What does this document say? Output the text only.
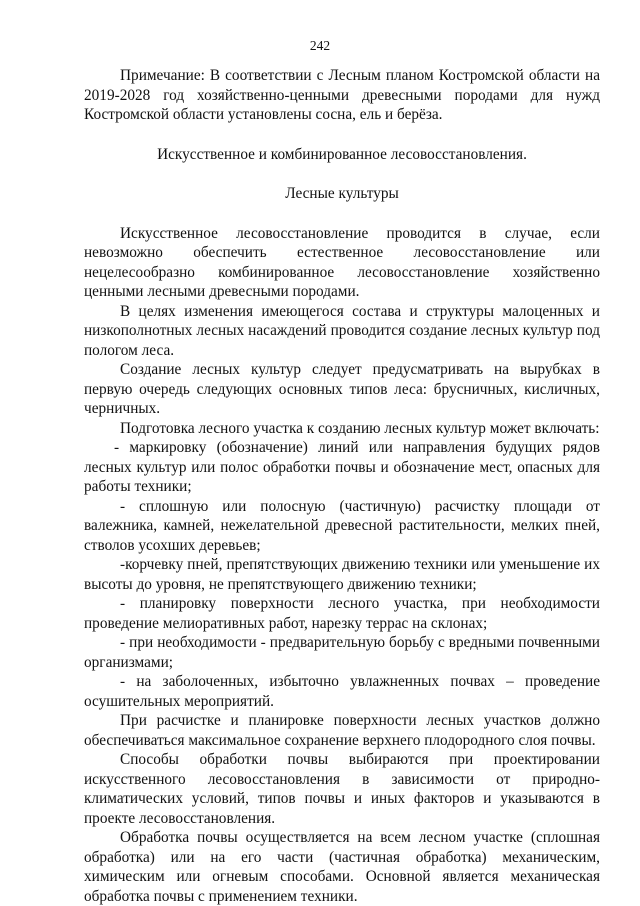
242

Примечание: В соответствии с Лесным планом Костромской области на 2019-2028 год хозяйственно-ценными древесными породами для нужд Костромской области установлены сосна, ель и берёза.

Искусственное и комбинированное лесовосстановления.

Лесные культуры

Искусственное лесовосстановление проводится в случае, если невозможно обеспечить естественное лесовосстановление или нецелесообразно комбинированное лесовосстановление хозяйственно ценными лесными древесными породами.

В целях изменения имеющегося состава и структуры малоценных и низкополнотных лесных насаждений проводится создание лесных культур под пологом леса.

Создание лесных культур следует предусматривать на вырубках в первую очередь следующих основных типов леса: брусничных, кисличных, черничных.

Подготовка лесного участка к созданию лесных культур может включать:

- маркировку (обозначение) линий или направления будущих рядов лесных культур или полос обработки почвы и обозначение мест, опасных для работы техники;

- сплошную или полосную (частичную) расчистку площади от валежника, камней, нежелательной древесной растительности, мелких пней, стволов усохших деревьев;

-корчевку пней, препятствующих движению техники или уменьшение их высоты до уровня, не препятствующего движению техники;

- планировку поверхности лесного участка, при необходимости проведение мелиоративных работ, нарезку террас на склонах;

- при необходимости - предварительную борьбу с вредными почвенными организмами;

- на заболоченных, избыточно увлажненных почвах – проведение осушительных мероприятий.

При расчистке и планировке поверхности лесных участков должно обеспечиваться максимальное сохранение верхнего плодородного слоя почвы.

Способы обработки почвы выбираются при проектировании искусственного лесовосстановления в зависимости от природно-климатических условий, типов почвы и иных факторов и указываются в проекте лесовосстановления.

Обработка почвы осуществляется на всем лесном участке (сплошная обработка) или на его части (частичная обработка) механическим, химическим или огневым способами. Основной является механическая обработка почвы с применением техники.
